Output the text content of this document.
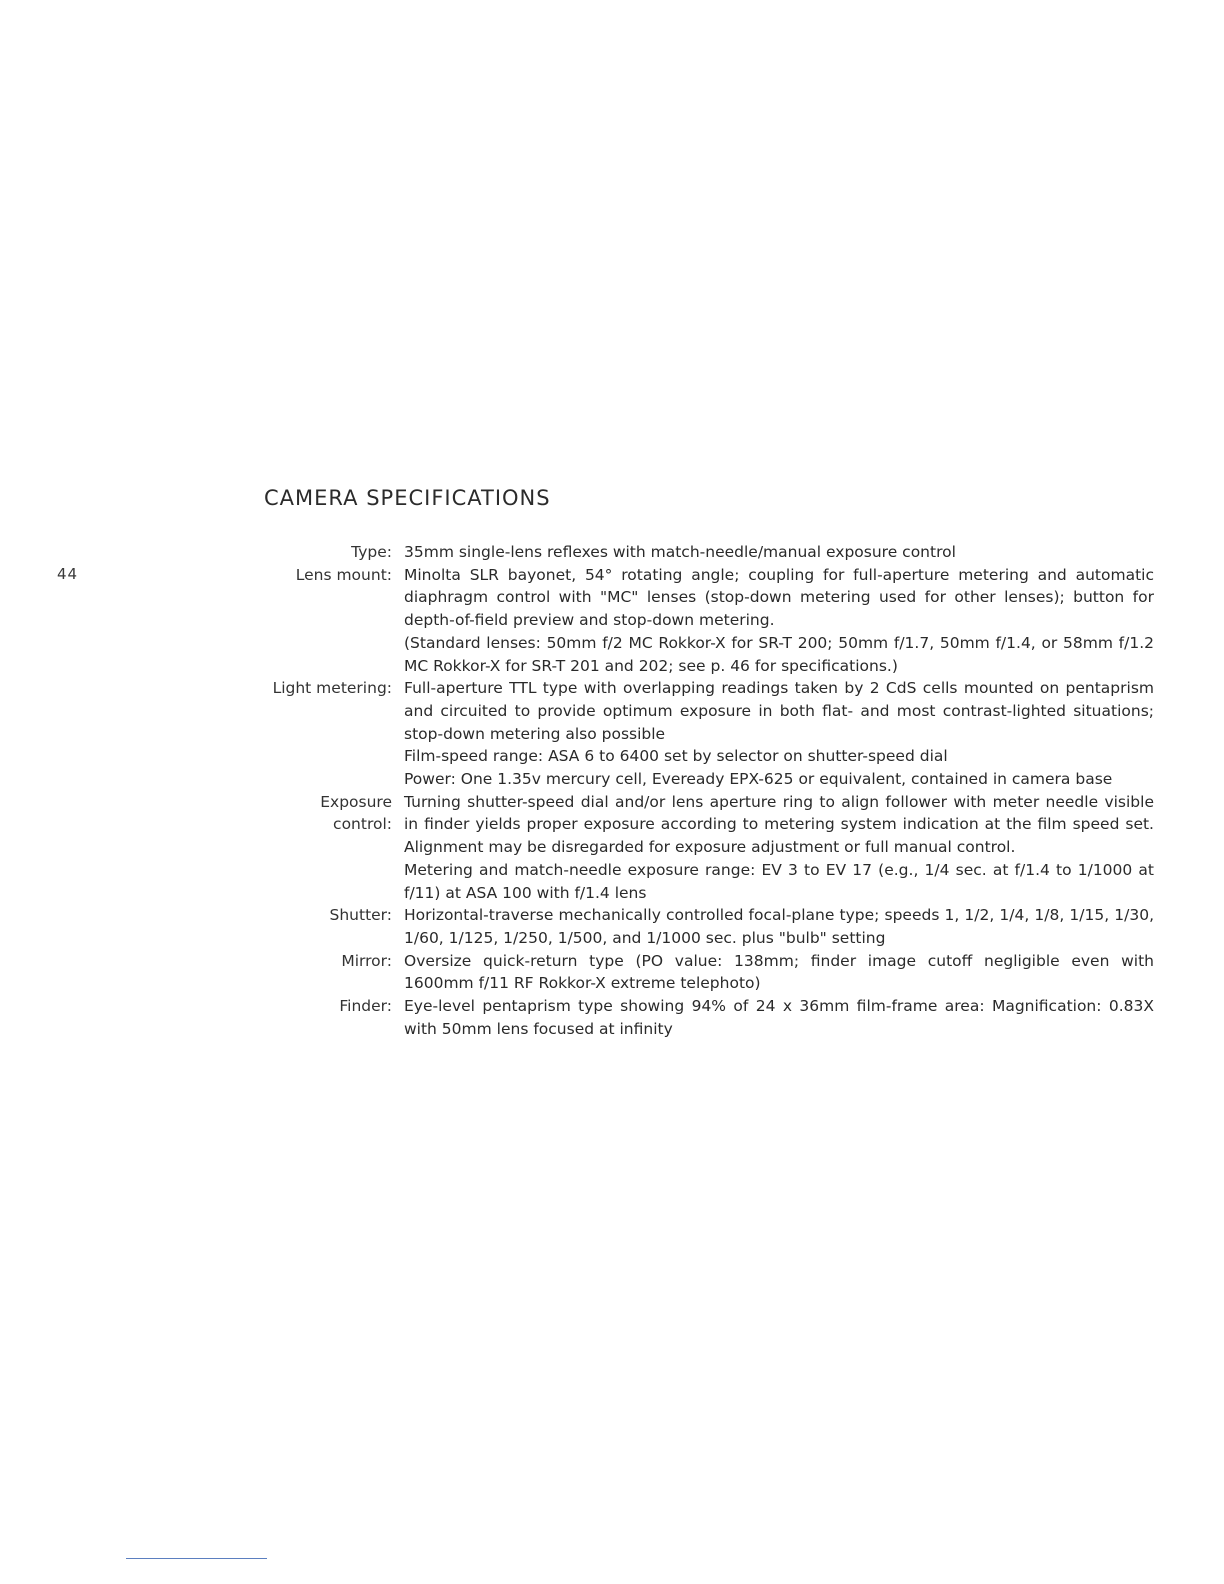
44
CAMERA SPECIFICATIONS
Type: 35mm single-lens reflexes with match-needle/manual exposure control

Lens mount: Minolta SLR bayonet, 54° rotating angle; coupling for full-aperture metering and automatic diaphragm control with "MC" lenses (stop-down metering used for other lenses); button for depth-of-field preview and stop-down metering.

(Standard lenses: 50mm f/2 MC Rokkor-X for SR-T 200; 50mm f/1.7, 50mm f/1.4, or 58mm f/1.2 MC Rokkor-X for SR-T 201 and 202; see p. 46 for specifications.)

Light metering: Full-aperture TTL type with overlapping readings taken by 2 CdS cells mounted on pentaprism and circuited to provide optimum exposure in both flat- and most contrast-lighted situations; stop-down metering also possible

Film-speed range: ASA 6 to 6400 set by selector on shutter-speed dial

Power: One 1.35v mercury cell, Eveready EPX-625 or equivalent, contained in camera base

Exposure control:

Turning shutter-speed dial and/or lens aperture ring to align follower with meter needle visible in finder yields proper exposure according to metering system indication at the film speed set. Alignment may be disregarded for exposure adjustment or full manual control.

Metering and match-needle exposure range: EV 3 to EV 17 (e.g., 1/4 sec. at f/1.4 to 1/1000 at f/11) at ASA 100 with f/1.4 lens

Shutter: Horizontal-traverse mechanically controlled focal-plane type; speeds 1, 1/2, 1/4, 1/8, 1/15, 1/30, 1/60, 1/125, 1/250, 1/500, and 1/1000 sec. plus "bulb" setting

Mirror: Oversize quick-return type (PO value: 138mm; finder image cutoff negligible even with 1600mm f/11 RF Rokkor-X extreme telephoto)

Finder: Eye-level pentaprism type showing 94% of 24 x 36mm film-frame area: Magnification: 0.83X with 50mm lens focused at infinity
